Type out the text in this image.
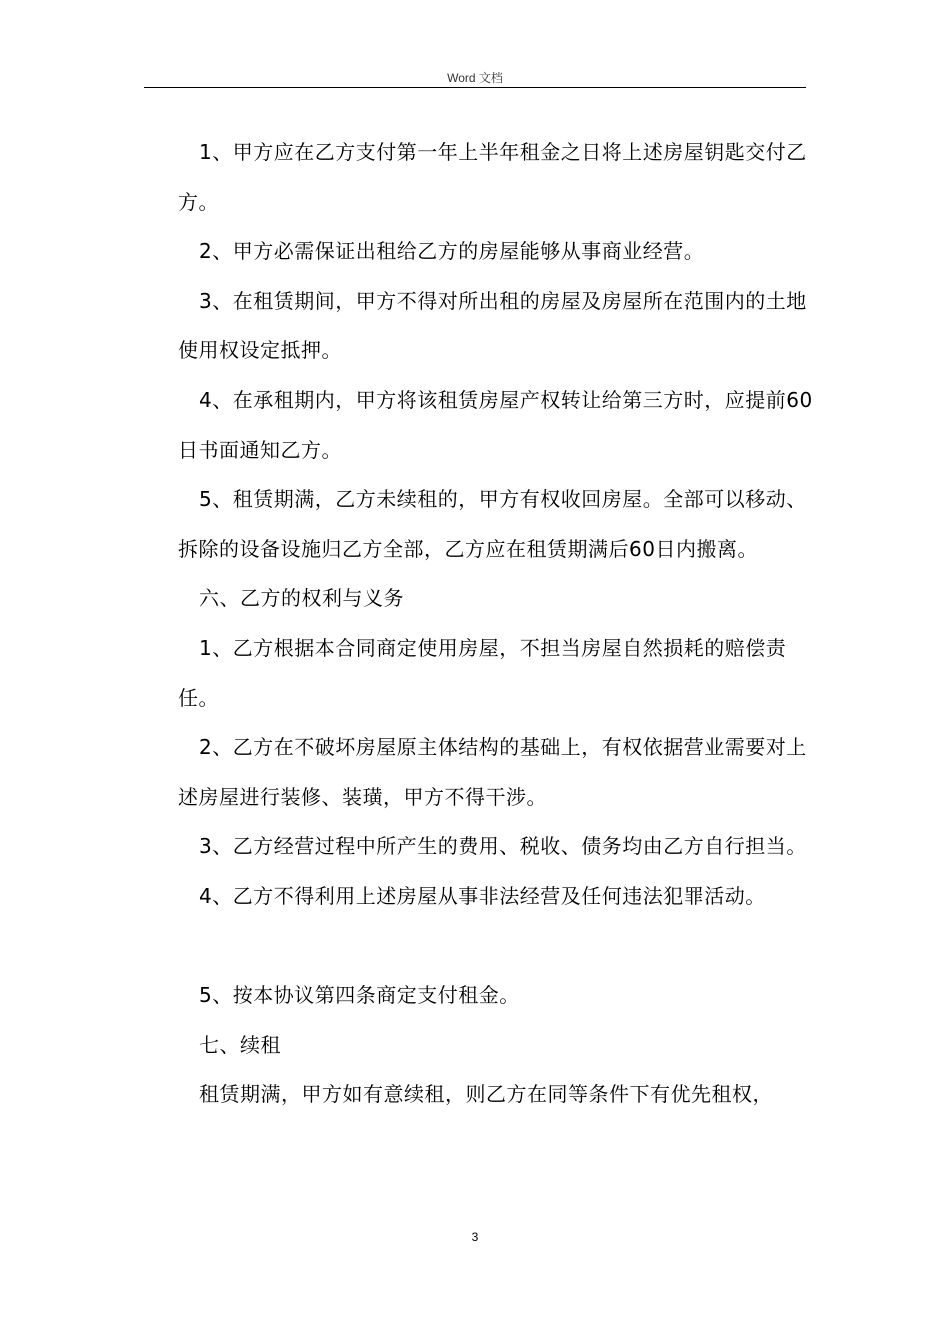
Word 文档

1、甲方应在乙方支付第一年上半年租金之日将上述房屋钥匙交付乙方。

2、甲方必需保证出租给乙方的房屋能够从事商业经营。

3、在租赁期间，甲方不得对所出租的房屋及房屋所在范围内的土地使用权设定抵押。

4、在承租期内，甲方将该租赁房屋产权转让给第三方时，应提前60日书面通知乙方。

5、租赁期满，乙方未续租的，甲方有权收回房屋。全部可以移动、拆除的设备设施归乙方全部，乙方应在租赁期满后60日内搬离。

六、乙方的权利与义务

1、乙方根据本合同商定使用房屋，不担当房屋自然损耗的赔偿责任。

2、乙方在不破坏房屋原主体结构的基础上，有权依据营业需要对上述房屋进行装修、装璜，甲方不得干涉。

3、乙方经营过程中所产生的费用、税收、债务均由乙方自行担当。

4、乙方不得利用上述房屋从事非法经营及任何违法犯罪活动。

5、按本协议第四条商定支付租金。

七、续租

租赁期满，甲方如有意续租，则乙方在同等条件下有优先租权，

3
